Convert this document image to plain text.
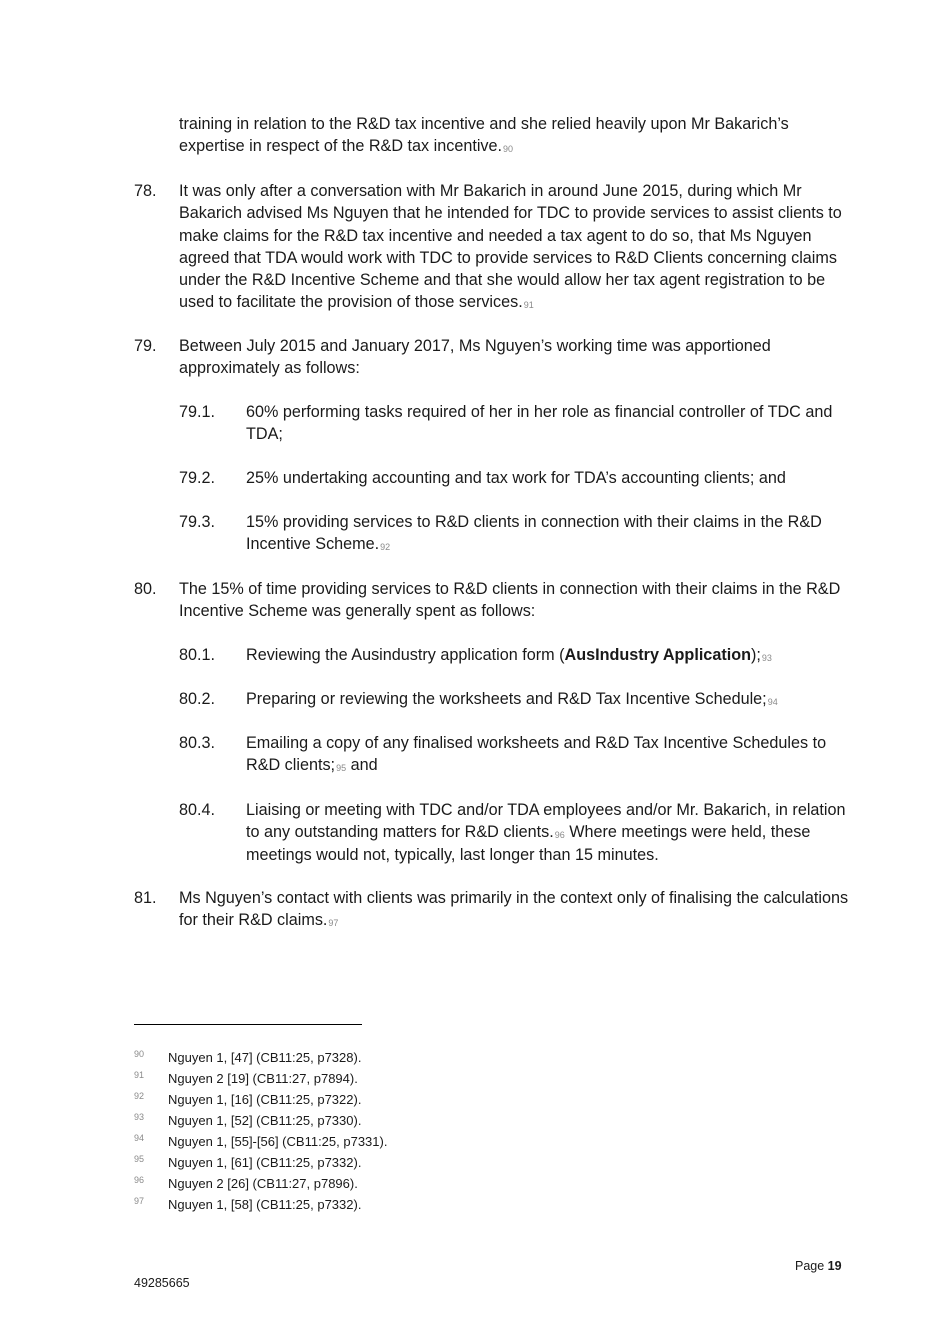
training in relation to the R&D tax incentive and she relied heavily upon Mr Bakarich’s expertise in respect of the R&D tax incentive.$^{90}$
78. It was only after a conversation with Mr Bakarich in around June 2015, during which Mr Bakarich advised Ms Nguyen that he intended for TDC to provide services to assist clients to make claims for the R&D tax incentive and needed a tax agent to do so, that Ms Nguyen agreed that TDA would work with TDC to provide services to R&D Clients concerning claims under the R&D Incentive Scheme and that she would allow her tax agent registration to be used to facilitate the provision of those services.$^{91}$
79. Between July 2015 and January 2017, Ms Nguyen’s working time was apportioned approximately as follows:
79.1. 60% performing tasks required of her in her role as financial controller of TDC and TDA;
79.2. 25% undertaking accounting and tax work for TDA’s accounting clients; and
79.3. 15% providing services to R&D clients in connection with their claims in the R&D Incentive Scheme.$^{92}$
80. The 15% of time providing services to R&D clients in connection with their claims in the R&D Incentive Scheme was generally spent as follows:
80.1. Reviewing the Ausindustry application form (AusIndustry Application);$^{93}$
80.2. Preparing or reviewing the worksheets and R&D Tax Incentive Schedule;$^{94}$
80.3. Emailing a copy of any finalised worksheets and R&D Tax Incentive Schedules to R&D clients;$^{95}$ and
80.4. Liaising or meeting with TDC and/or TDA employees and/or Mr. Bakarich, in relation to any outstanding matters for R&D clients.$^{96}$ Where meetings were held, these meetings would not, typically, last longer than 15 minutes.
81. Ms Nguyen’s contact with clients was primarily in the context only of finalising the calculations for their R&D claims.$^{97}$
90 Nguyen 1, [47] (CB11:25, p7328).
91 Nguyen 2 [19] (CB11:27, p7894).
92 Nguyen 1, [16] (CB11:25, p7322).
93 Nguyen 1, [52] (CB11:25, p7330).
94 Nguyen 1, [55]-[56] (CB11:25, p7331).
95 Nguyen 1, [61] (CB11:25, p7332).
96 Nguyen 2 [26] (CB11:27, p7896).
97 Nguyen 1, [58] (CB11:25, p7332).
Page 19
49285665
